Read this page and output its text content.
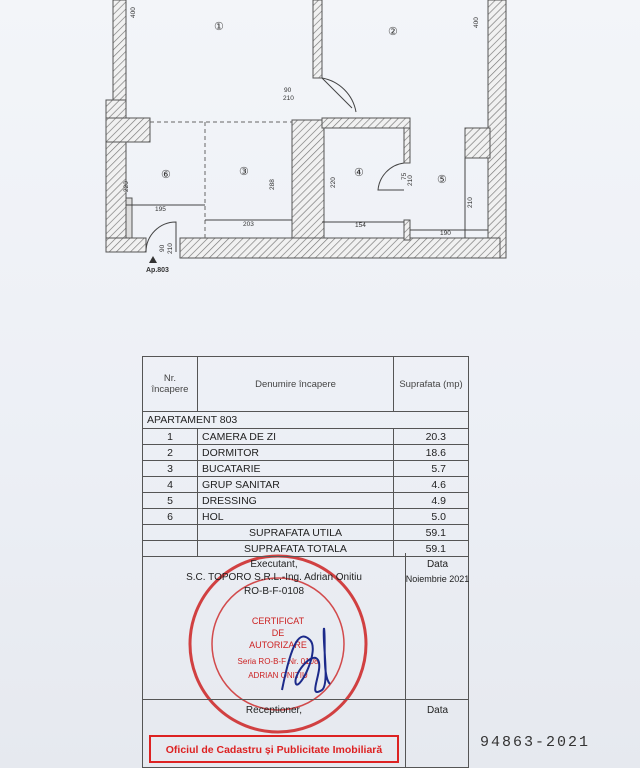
①	②
③	④
⑤
⑥
400
400
90
210
288
220	220
210
75 210
195
203	154
190
90 210
Ap.803
CERTIFICAT
DE
AUTORIZARE
Seria RO-B-F Nr. 0108
ADRIAN ONITIU
Nr. încapere	Denumire încapere	Suprafata (mp)
APARTAMENT 803		
1	CAMERA DE ZI	20.3
2	DORMITOR	18.6
3	BUCATARIE	5.7
4	GRUP SANITAR	4.6
5	DRESSING	4.9
6	HOL	5.0
	SUPRAFATA UTILA	59.1
	SUPRAFATA TOTALA	59.1
Executant,
S.C. TOPORO S.R.L.-Ing. Adrian Onitiu
RO-B-F-0108
Data
Noiembrie 2021
Receptioner,	Data
Oficiul de Cadastru și Publicitate Imobiliară	94863-2021
